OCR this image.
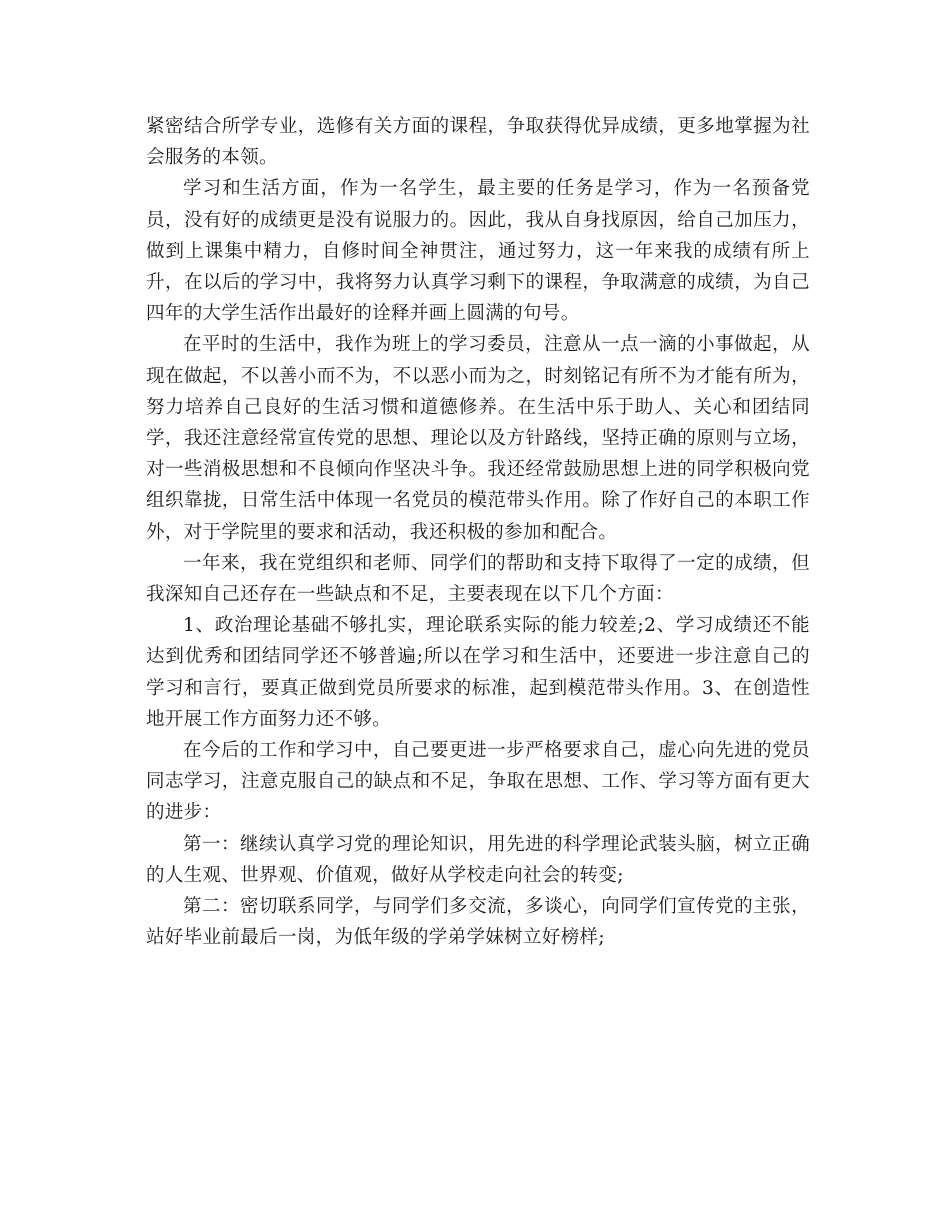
紧密结合所学专业，选修有关方面的课程，争取获得优异成绩，更多地掌握为社会服务的本领。

学习和生活方面，作为一名学生，最主要的任务是学习，作为一名预备党员，没有好的成绩更是没有说服力的。因此，我从自身找原因，给自己加压力，做到上课集中精力，自修时间全神贯注，通过努力，这一年来我的成绩有所上升，在以后的学习中，我将努力认真学习剩下的课程，争取满意的成绩，为自己四年的大学生活作出最好的诠释并画上圆满的句号。

在平时的生活中，我作为班上的学习委员，注意从一点一滴的小事做起，从现在做起，不以善小而不为，不以恶小而为之，时刻铭记有所不为才能有所为，努力培养自己良好的生活习惯和道德修养。在生活中乐于助人、关心和团结同学，我还注意经常宣传党的思想、理论以及方针路线，坚持正确的原则与立场，对一些消极思想和不良倾向作坚决斗争。我还经常鼓励思想上进的同学积极向党组织靠拢，日常生活中体现一名党员的模范带头作用。除了作好自己的本职工作外，对于学院里的要求和活动，我还积极的参加和配合。

一年来，我在党组织和老师、同学们的帮助和支持下取得了一定的成绩，但我深知自己还存在一些缺点和不足，主要表现在以下几个方面：

1、政治理论基础不够扎实，理论联系实际的能力较差;2、学习成绩还不能达到优秀和团结同学还不够普遍;所以在学习和生活中，还要进一步注意自己的学习和言行，要真正做到党员所要求的标准，起到模范带头作用。3、在创造性地开展工作方面努力还不够。

在今后的工作和学习中，自己要更进一步严格要求自己，虚心向先进的党员同志学习，注意克服自己的缺点和不足，争取在思想、工作、学习等方面有更大的进步：

第一：继续认真学习党的理论知识，用先进的科学理论武装头脑，树立正确的人生观、世界观、价值观，做好从学校走向社会的转变;

第二：密切联系同学，与同学们多交流，多谈心，向同学们宣传党的主张，站好毕业前最后一岗，为低年级的学弟学妹树立好榜样;
